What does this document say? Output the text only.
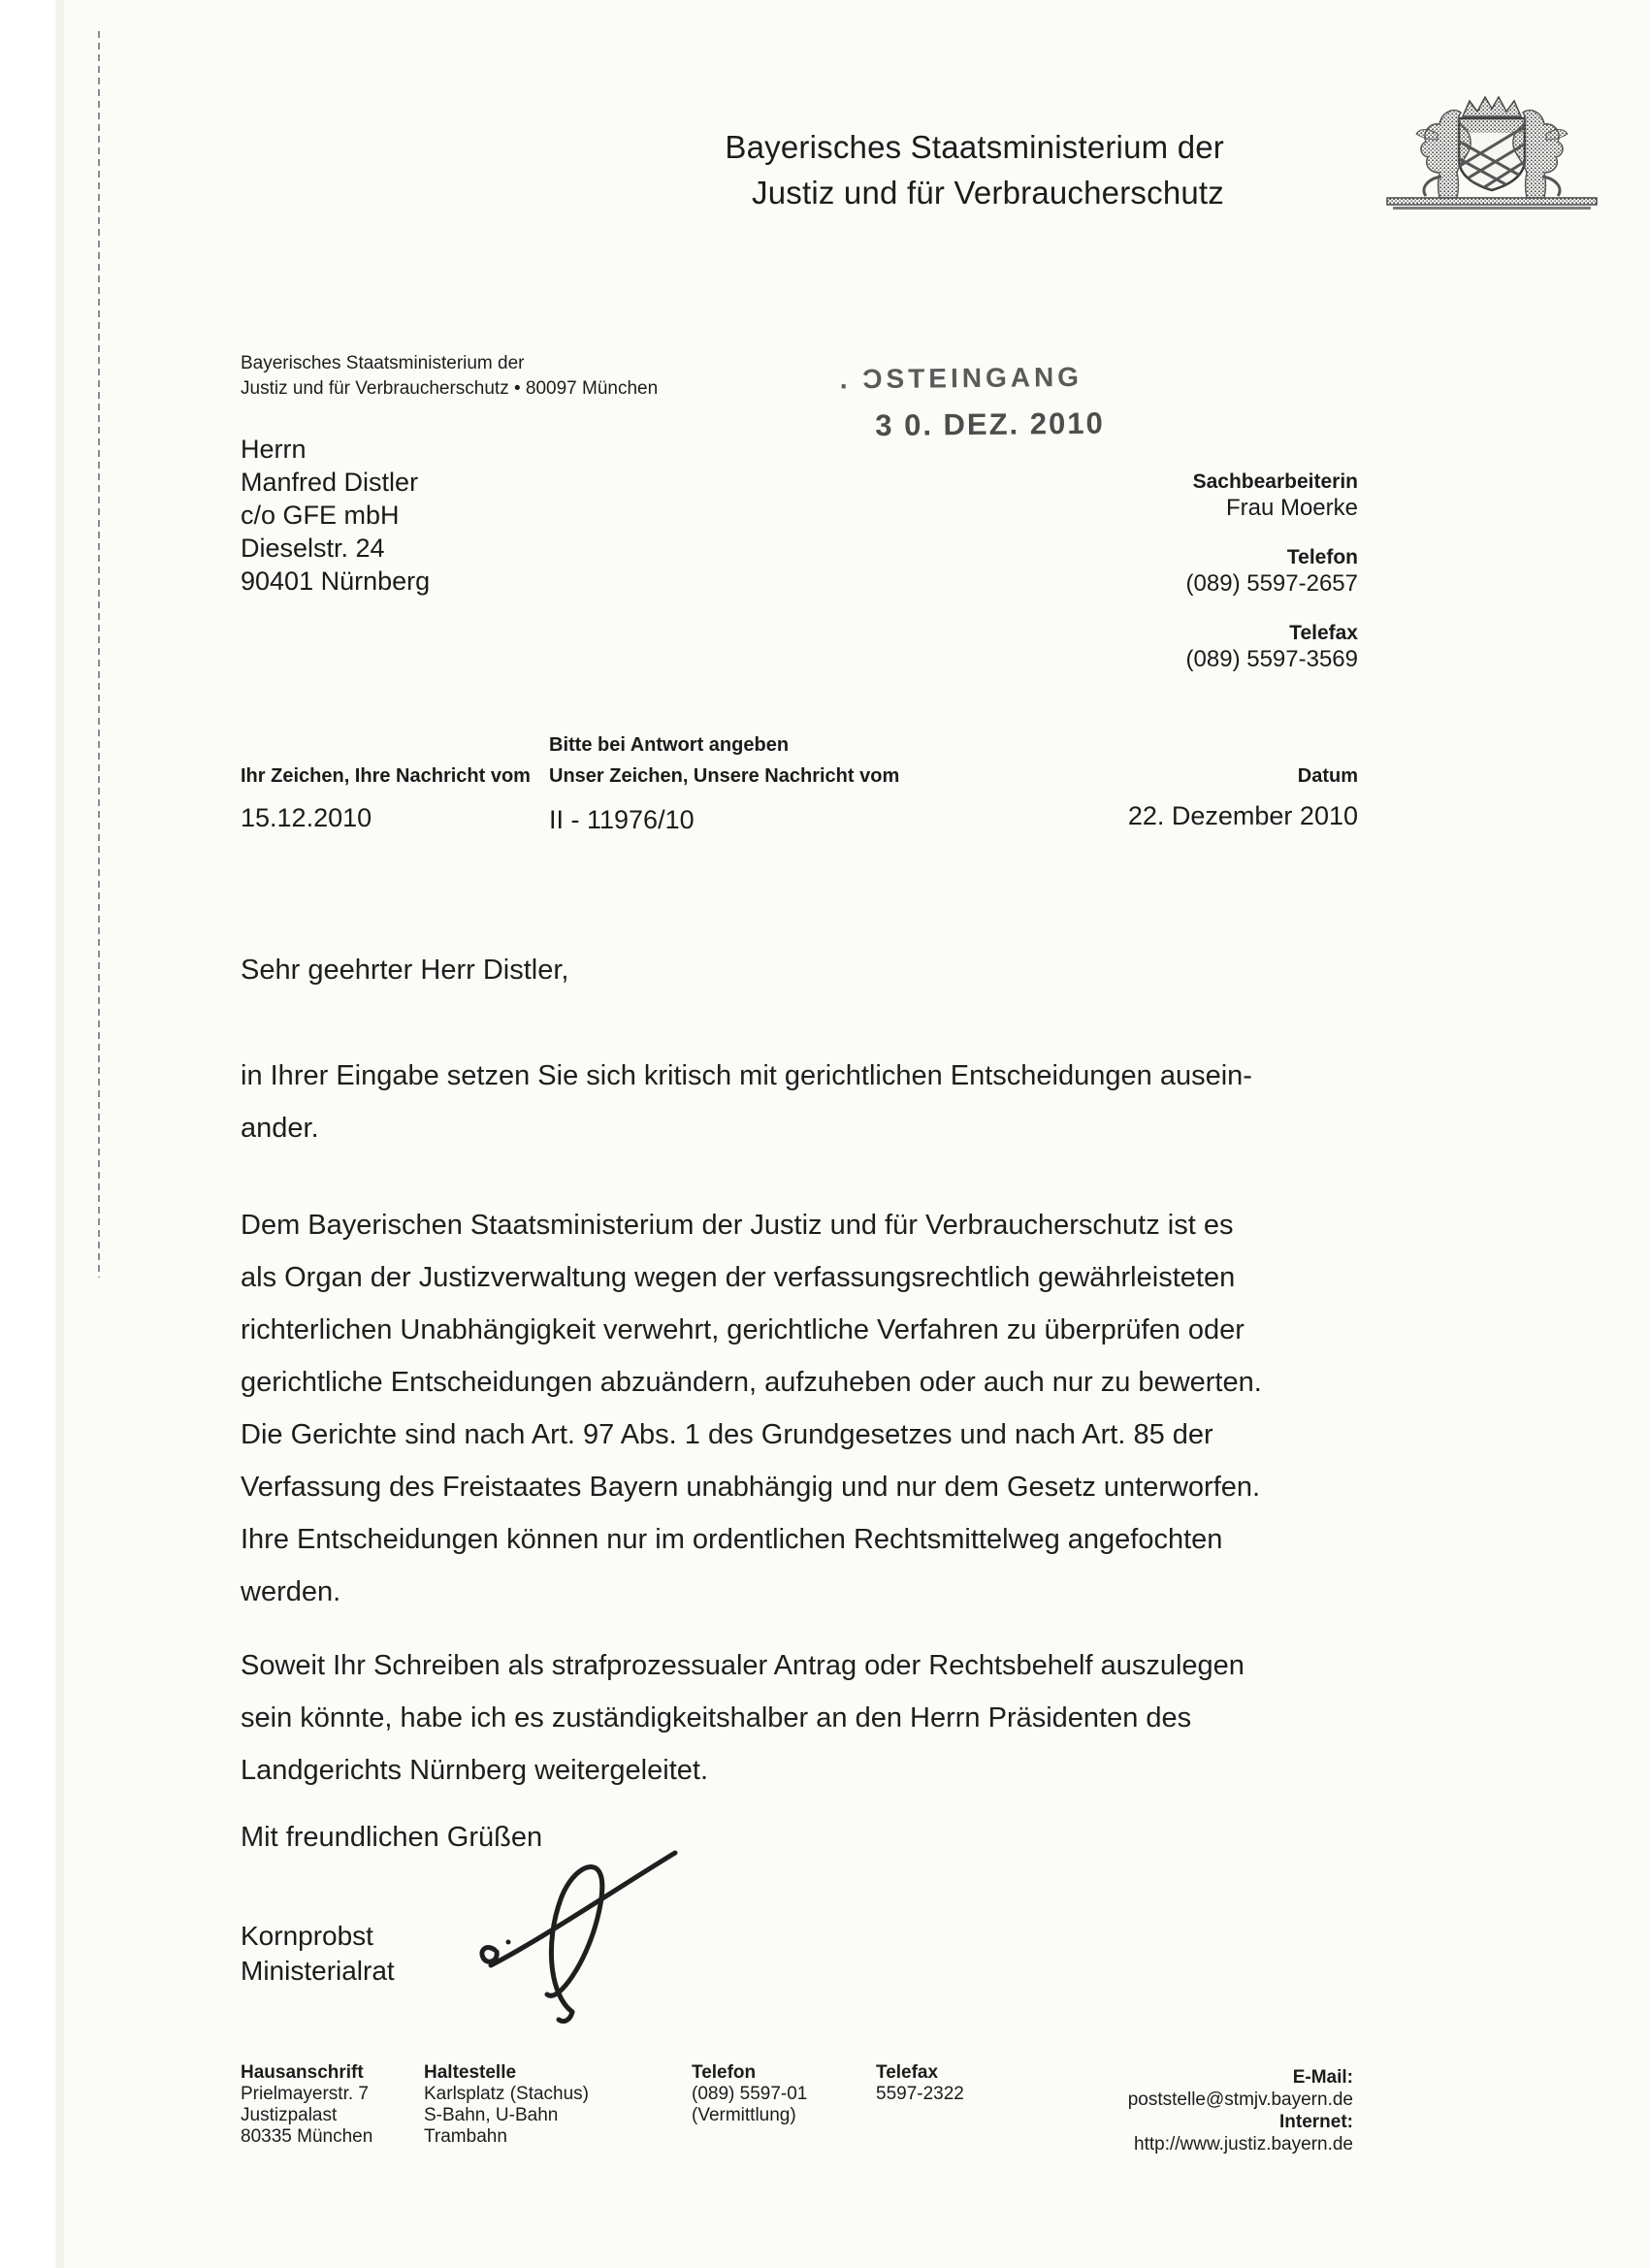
Bayerisches Staatsministerium der
Justiz und für Verbraucherschutz
Bayerisches Staatsministerium der
Justiz und für Verbraucherschutz • 80097 München	. ƆSTEINGANG
3 0. DEZ. 2010
Herrn
Manfred Distler
c/o GFE mbH
Dieselstr. 24
90401 Nürnberg
Sachbearbeiterin
Frau Moerke
Telefon
(089) 5597-2657
Telefax
(089) 5597-3569
Bitte bei Antwort angeben
Ihr Zeichen, Ihre Nachricht vom
15.12.2010
Unser Zeichen, Unsere Nachricht vom
II - 11976/10
Datum
22. Dezember 2010
Sehr geehrter Herr Distler,
in Ihrer Eingabe setzen Sie sich kritisch mit gerichtlichen Entscheidungen ausein-
ander.
Dem Bayerischen Staatsministerium der Justiz und für Verbraucherschutz ist es
als Organ der Justizverwaltung wegen der verfassungsrechtlich gewährleisteten
richterlichen Unabhängigkeit verwehrt, gerichtliche Verfahren zu überprüfen oder
gerichtliche Entscheidungen abzuändern, aufzuheben oder auch nur zu bewerten.
Die Gerichte sind nach Art. 97 Abs. 1 des Grundgesetzes und nach Art. 85 der
Verfassung des Freistaates Bayern unabhängig und nur dem Gesetz unterworfen.
Ihre Entscheidungen können nur im ordentlichen Rechtsmittelweg angefochten
werden.
Soweit Ihr Schreiben als strafprozessualer Antrag oder Rechtsbehelf auszulegen
sein könnte, habe ich es zuständigkeitshalber an den Herrn Präsidenten des
Landgerichts Nürnberg weitergeleitet.
Mit freundlichen Grüßen
Kornprobst
Ministerialrat
Hausanschrift
Prielmayerstr. 7
Justizpalast
80335 München
Haltestelle
Karlsplatz (Stachus)
S-Bahn, U-Bahn
Trambahn
Telefon
(089) 5597-01
(Vermittlung)
Telefax
5597-2322
E-Mail:
poststelle@stmjv.bayern.de
Internet:
http://www.justiz.bayern.de
